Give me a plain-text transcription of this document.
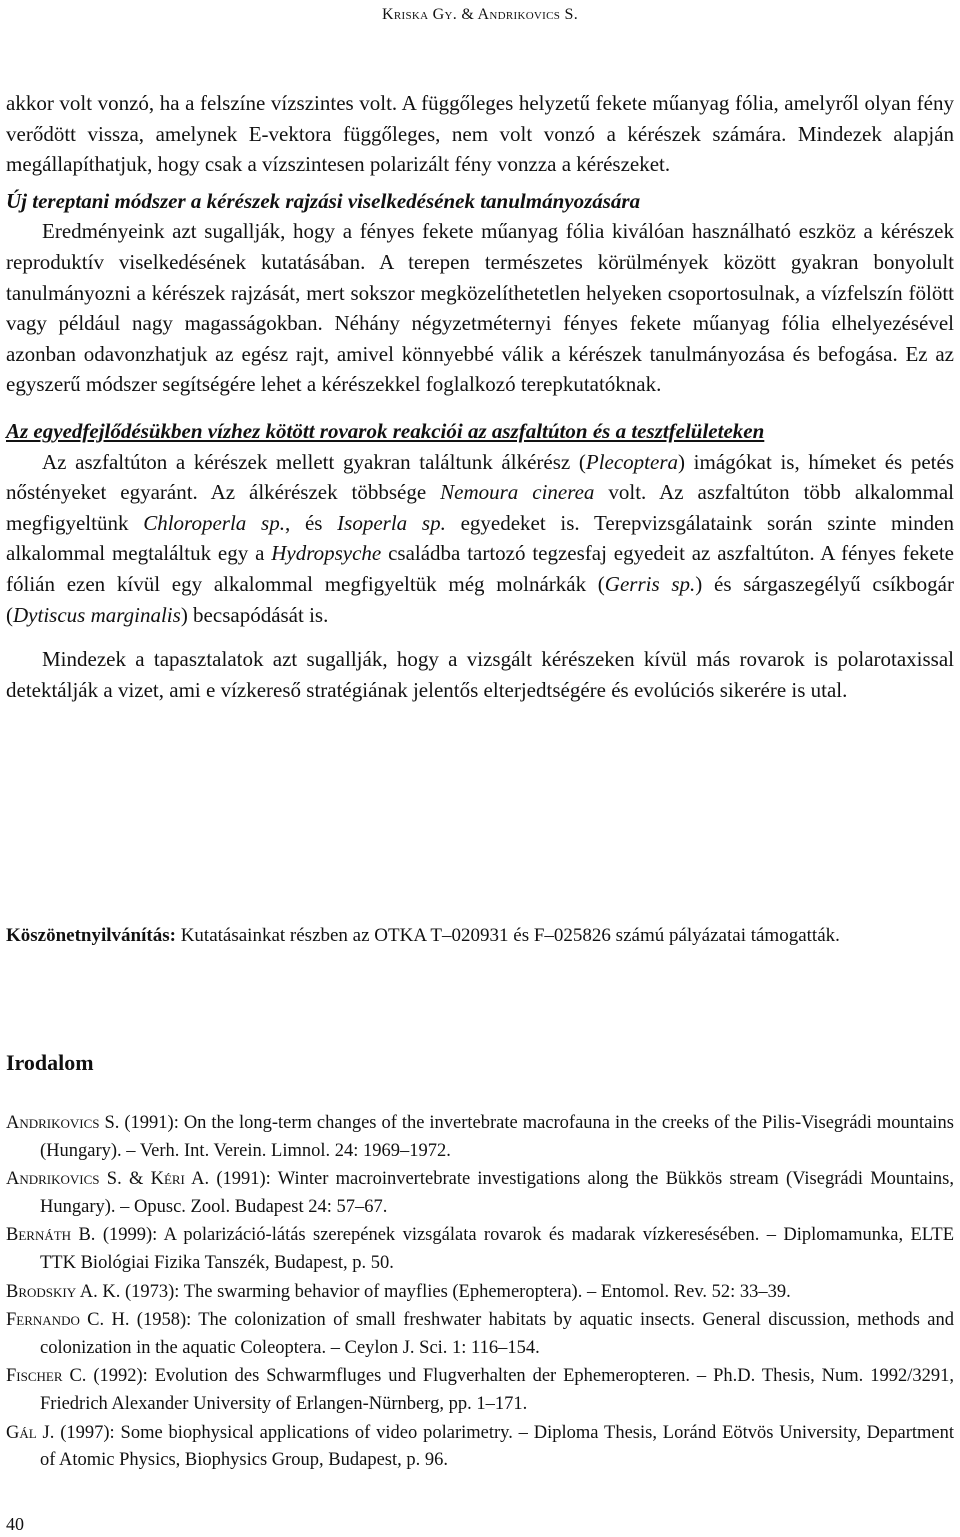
Kriska Gy. & Andrikovics S.

akkor volt vonzó, ha a felszíne vízszintes volt. A függőleges helyzetű fekete műanyag fólia, amelyről olyan fény verődött vissza, amelynek E-vektora függőleges, nem volt vonzó a kérészek számára. Mindezek alapján megállapíthatjuk, hogy csak a vízszintesen polarizált fény vonzza a kérészeket.

Új tereptani módszer a kérészek rajzási viselkedésének tanulmányozására

Eredményeink azt sugallják, hogy a fényes fekete műanyag fólia kiválóan használható eszköz a kérészek reproduktív viselkedésének kutatásában. A terepen természetes körülmények között gyakran bonyolult tanulmányozni a kérészek rajzását, mert sokszor megközelíthetetlen helyeken csoportosulnak, a vízfelszín fölött vagy például nagy magasságokban. Néhány négyzetméternyi fényes fekete műanyag fólia elhelyezésével azonban odavonzhatjuk az egész rajt, amivel könnyebbé válik a kérészek tanulmányozása és befogása. Ez az egyszerű módszer segítségére lehet a kérészekkel foglalkozó terepkutatóknak.

Az egyedfejlődésükben vízhez kötött rovarok reakciói az aszfaltúton és a tesztfelületeken

Az aszfaltúton a kérészek mellett gyakran találtunk álkérész (Plecoptera) imágókat is, hímeket és petés nőstényeket egyaránt. Az álkérészek többsége Nemoura cinerea volt. Az aszfaltúton több alkalommal megfigyeltünk Chloroperla sp., és Isoperla sp. egyedeket is. Terepvizsgálataink során szinte minden alkalommal megtaláltuk egy a Hydropsyche családba tartozó tegzesfaj egyedeit az aszfaltúton. A fényes fekete fólián ezen kívül egy alkalommal megfigyeltük még molnárkák (Gerris sp.) és sárgaszegélyű csíkbogár (Dytiscus marginalis) becsapódását is.

Mindezek a tapasztalatok azt sugallják, hogy a vizsgált kérészeken kívül más rovarok is polarotaxissal detektálják a vizet, ami e vízkereső stratégiának jelentős elterjedtségére és evolúciós sikerére is utal.

Köszönetnyilvánítás: Kutatásainkat részben az OTKA T–020931 és F–025826 számú pályázatai támogatták.

Irodalom

Andrikovics S. (1991): On the long-term changes of the invertebrate macrofauna in the creeks of the Pilis-Visegrádi mountains (Hungary). – Verh. Int. Verein. Limnol. 24: 1969–1972.

Andrikovics S. & Kéri A. (1991): Winter macroinvertebrate investigations along the Bükkös stream (Visegrádi Mountains, Hungary). – Opusc. Zool. Budapest 24: 57–67.

Bernáth B. (1999): A polarizáció-látás szerepének vizsgálata rovarok és madarak vízkeresésében. – Diplomamunka, ELTE TTK Biológiai Fizika Tanszék, Budapest, p. 50.

Brodskiy A. K. (1973): The swarming behavior of mayflies (Ephemeroptera). – Entomol. Rev. 52: 33–39.

Fernando C. H. (1958): The colonization of small freshwater habitats by aquatic insects. General discussion, methods and colonization in the aquatic Coleoptera. – Ceylon J. Sci. 1: 116–154.

Fischer C. (1992): Evolution des Schwarmfluges und Flugverhalten der Ephemeropteren. – Ph.D. Thesis, Num. 1992/3291, Friedrich Alexander University of Erlangen-Nürnberg, pp. 1–171.

Gál J. (1997): Some biophysical applications of video polarimetry. – Diploma Thesis, Loránd Eötvös University, Department of Atomic Physics, Biophysics Group, Budapest, p. 96.

40
